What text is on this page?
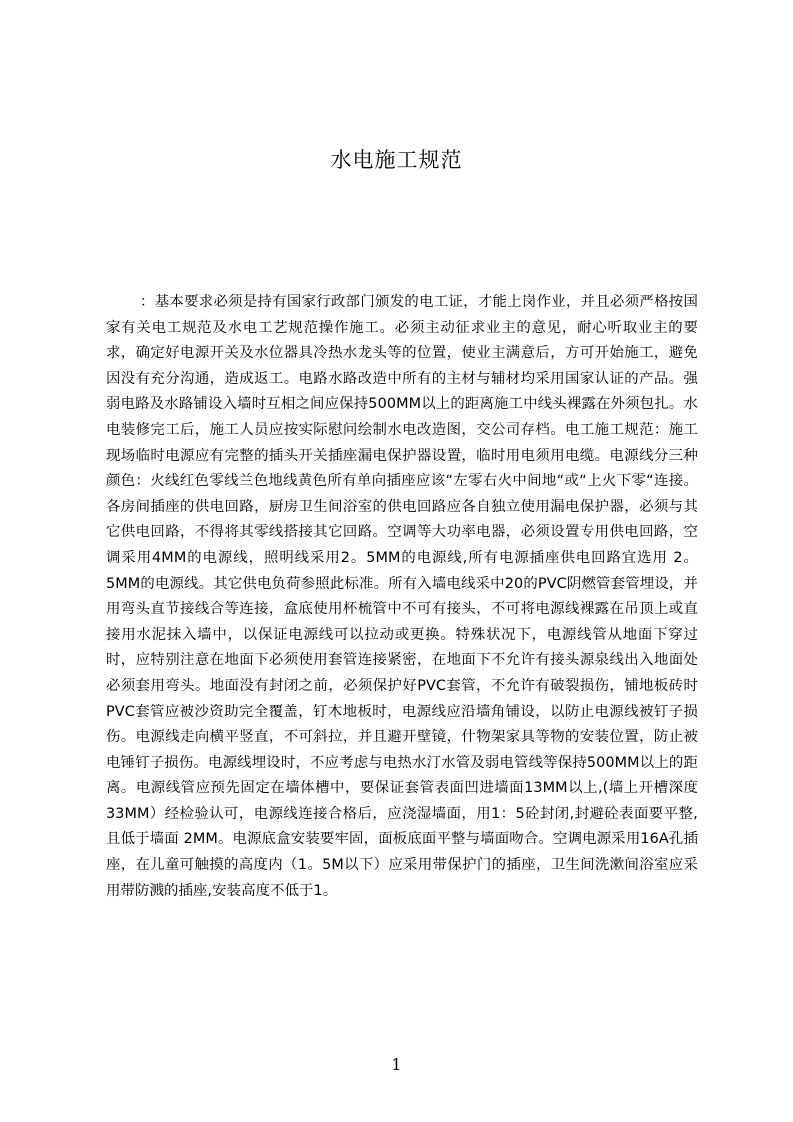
水电施工规范

：基本要求必须是持有国家行政部门颁发的电工证，才能上岗作业，并且必须严格按国家有关电工规范及水电工艺规范操作施工。必须主动征求业主的意见，耐心听取业主的要求，确定好电源开关及水位器具冷热水龙头等的位置，使业主满意后，方可开始施工，避免因没有充分沟通，造成返工。电路水路改造中所有的主材与辅材均采用国家认证的产品。强弱电路及水路铺设入墙时互相之间应保持500MM以上的距离施工中线头裸露在外须包扎。水电装修完工后，施工人员应按实际慰问绘制水电改造图，交公司存档。电工施工规范：施工现场临时电源应有完整的插头开关插座漏电保护器设置，临时用电须用电缆。电源线分三种颜色：火线红色零线兰色地线黄色所有单向插座应该“左零右火中间地“或“上火下零“连接。各房间插座的供电回路，厨房卫生间浴室的供电回路应各自独立使用漏电保护器，必须与其它供电回路，不得将其零线搭接其它回路。空调等大功率电器，必须设置专用供电回路，空调采用4MM的电源线，照明线采用2。5MM的电源线,所有电源插座供电回路宜选用 2。5MM的电源线。其它供电负荷参照此标准。所有入墙电线采中20的PVC阴燃管套管埋设，并用弯头直节接线合等连接，盒底使用杯梳管中不可有接头，不可将电源线裸露在吊顶上或直接用水泥抹入墙中，以保证电源线可以拉动或更换。特殊状况下，电源线管从地面下穿过时，应特别注意在地面下必须使用套管连接紧密，在地面下不允许有接头源泉线出入地面处必须套用弯头。地面没有封闭之前，必须保护好PVC套管，不允许有破裂损伤，铺地板砖时PVC套管应被沙资助完全覆盖，钉木地板时，电源线应沿墙角铺设，以防止电源线被钉子损伤。电源线走向横平竖直，不可斜拉，并且避开壁镜，什物架家具等物的安装位置，防止被电锤钉子损伤。电源线埋设时，不应考虑与电热水汀水管及弱电管线等保持500MM以上的距离。电源线管应预先固定在墙体槽中，要保证套管表面凹进墙面13MM以上,(墙上开槽深度 33MM）经检验认可，电源线连接合格后，应浇湿墙面，用1：5砼封闭,封避砼表面要平整,且低于墙面 2MM。电源底盒安装要牢固，面板底面平整与墙面吻合。空调电源采用16A孔插座，在儿童可触摸的高度内（1。5M以下）应采用带保护门的插座，卫生间洗漱间浴室应采用带防溅的插座,安装高度不低于1。

1
